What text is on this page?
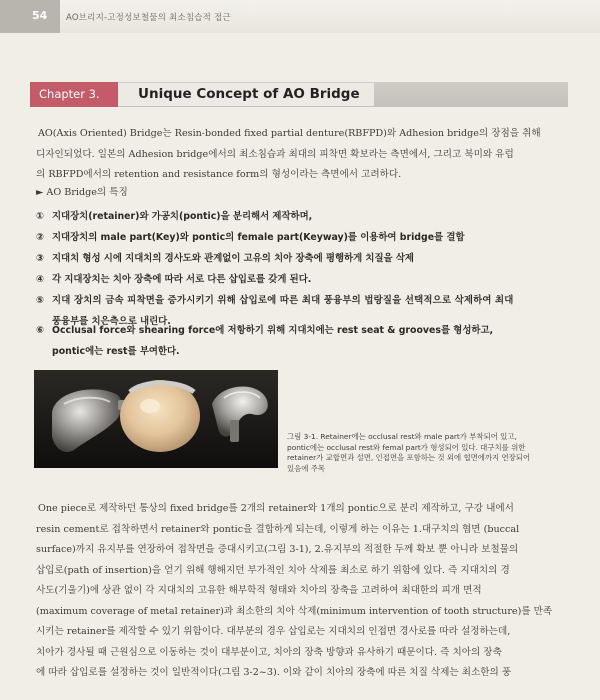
54 AO브리지-고정성보철물의 최소침습적 접근
Chapter 3.	Unique Concept of AO Bridge
AO(Axis Oriented) Bridge는 Resin-bonded fixed partial denture(RBFPD)와 Adhesion bridge의 장점을 취해
디자인되었다. 일본의 Adhesion bridge에서의 최소침습과 최대의 피착면 확보라는 측면에서, 그리고 북미와 유럽
의 RBFPD에서의 retention and resistance form의 형성이라는 측면에서 고려하다.
► AO Bridge의 특징
① 지대장치(retainer)와 가공치(pontic)을 분리해서 제작하며,
② 지대장치의 male part(Key)와 pontic의 female part(Keyway)를 이용하여 bridge를 결합
③ 지대치 형성 시에 지대치의 경사도와 관계없이 고유의 치아 장축에 평행하게 치질을 삭제
④ 각 지대장치는 치아 장축에 따라 서로 다른 삽입로를 갖게 된다.
⑤ 지대 장치의 금속 피착면을 증가시키기 위해 삽입로에 따른 최대 풍융부의 법랑질을 선택적으로 삭제하여 최대
풍융부를 치은측으로 내린다.
⑥ Occlusal force와 shearing force에 저항하기 위해 지대치에는 rest seat & grooves를 형성하고,
pontic에는 rest를 부여한다.
그림 3-1. Retainer에는 occlusal rest와 male part가 부착되어 있고,
pontic에는 occlusal rest와 femal part가 형성되어 있다. 대구치를 위한
retainer가 교합면과 설면, 인접면을 포함하는 것 외에 협면에까지 연장되어
있음에 주목
One piece로 제작하던 통상의 fixed bridge를 2개의 retainer와 1개의 pontic으로 분리 제작하고, 구강 내에서
resin cement로 접착하면서 retainer와 pontic을 결합하게 되는데, 이렇게 하는 이유는 1.대구치의 협면 (buccal
surface)까지 유지부를 연장하여 접착면을 증대시키고(그림 3-1), 2.유지부의 적절한 두께 확보 뿐 아니라 보철물의
삽입로(path of insertion)을 얻기 위해 행해지던 부가적인 치아 삭제를 최소로 하기 위함에 있다. 즉 지대치의 경
사도(기울기)에 상관 없이 각 지대치의 고유한 해부학적 형태와 치아의 장축을 고려하여 최대한의 피개 면적
(maximum coverage of metal retainer)과 최소한의 치아 삭제(minimum intervention of tooth structure)를 만족
시키는 retainer를 제작할 수 있기 위함이다. 대부분의 경우 삽입로는 지대치의 인접면 경사로를 따라 설정하는데,
치아가 경사될 때 근원심으로 이동하는 것이 대부분이고, 치아의 장축 방향과 유사하기 때문이다. 즉 치아의 장축
에 따라 삽입로를 설정하는 것이 일반적이다(그림 3-2~3). 이와 같이 치아의 장축에 따른 치질 삭제는 최소한의 풍
